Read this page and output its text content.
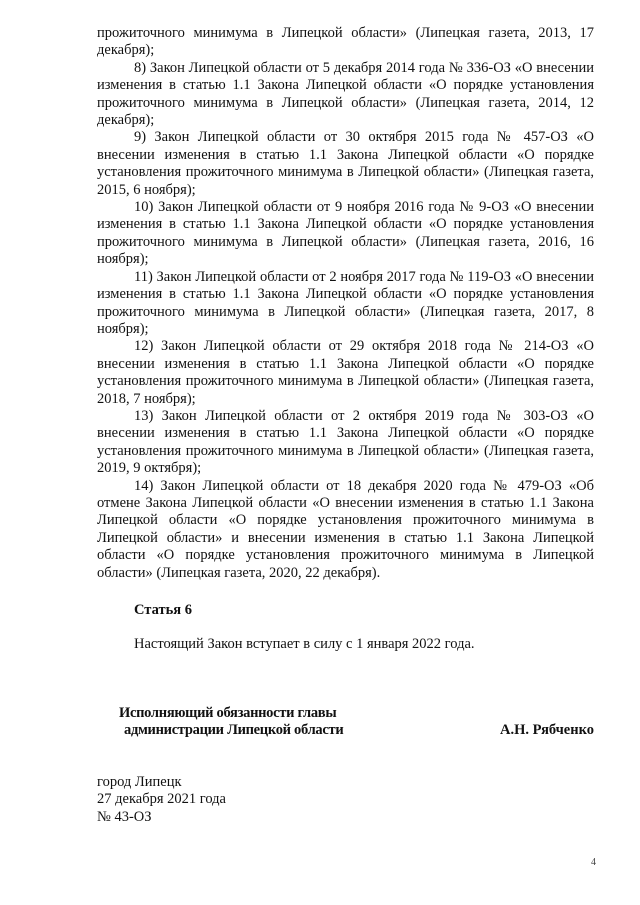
прожиточного минимума в Липецкой области» (Липецкая газета, 2013, 17 декабря);

8) Закон Липецкой области от 5 декабря 2014 года № 336-ОЗ «О внесении изменения в статью 1.1 Закона Липецкой области «О порядке установления прожиточного минимума в Липецкой области» (Липецкая газета, 2014, 12 декабря);

9) Закон Липецкой области от 30 октября 2015 года № 457-ОЗ «О внесении изменения в статью 1.1 Закона Липецкой области «О порядке установления прожиточного минимума в Липецкой области» (Липецкая газета, 2015, 6 ноября);

10) Закон Липецкой области от 9 ноября 2016 года № 9-ОЗ «О внесении изменения в статью 1.1 Закона Липецкой области «О порядке установления прожиточного минимума в Липецкой области» (Липецкая газета, 2016, 16 ноября);

11) Закон Липецкой области от 2 ноября 2017 года № 119-ОЗ «О внесении изменения в статью 1.1 Закона Липецкой области «О порядке установления прожиточного минимума в Липецкой области» (Липецкая газета, 2017, 8 ноября);

12) Закон Липецкой области от 29 октября 2018 года № 214-ОЗ «О внесении изменения в статью 1.1 Закона Липецкой области «О порядке установления прожиточного минимума в Липецкой области» (Липецкая газета, 2018, 7 ноября);

13) Закон Липецкой области от 2 октября 2019 года № 303-ОЗ «О внесении изменения в статью 1.1 Закона Липецкой области «О порядке установления прожиточного минимума в Липецкой области» (Липецкая газета, 2019, 9 октября);

14) Закон Липецкой области от 18 декабря 2020 года № 479-ОЗ «Об отмене Закона Липецкой области «О внесении изменения в статью 1.1 Закона Липецкой области «О порядке установления прожиточного минимума в Липецкой области» и внесении изменения в статью 1.1 Закона Липецкой области «О порядке установления прожиточного минимума в Липецкой области» (Липецкая газета, 2020, 22 декабря).

Статья 6
Настоящий Закон вступает в силу с 1 января 2022 года.
Исполняющий обязанности главы
администрации Липецкой области	А.Н. Рябченко
город Липецк
27 декабря 2021 года
№ 43-ОЗ
4
